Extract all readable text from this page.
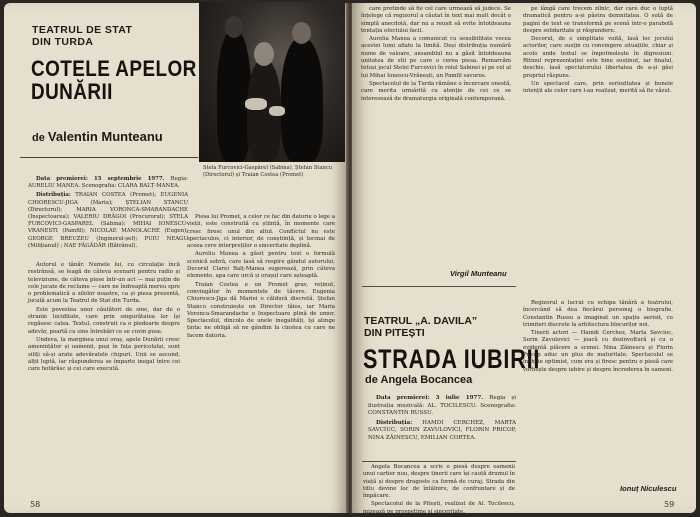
TEATRUL DE STAT
DIN TURDA
COTELE APELOR
DUNĂRII
de Valentin Munteanu
Stela Furcovici-Gaspărel (Sabina), Ștefan Stancu (Directorul) și Traian Costea (Promet)
Data premierei: 15 septembrie 1977. Regia: AURELIU MANEA. Scenografia: CLARA BALȚ-MANEA.
Distribuția: TRAIAN COSTEA (Promet); EUGENIA CHIORESCU-JIGA (Maria); ȘTELIAN STANCU (Directorul); MARIA VORONCA-SMARANDACHE (Inspectoarea); VALERIU DRĂGOI (Procurorul); STELA FURCOVICI-GASPAREL (Sabina); MIHAI IONESCU-VRANESTI (Pamfil); NICOLAE MANOLACHE (Eugen); GEORGE BREUZEU (Inginerul-șef); PUIU NEAGU (Milițianul) ; NAE FĂGĂDĂR (Bătrânul).

Autorul e tânăr. Numele lui, cu circulație încă restrânsă, se leagă de câteva scenarii pentru radio și televiziune, de câteva piese într-un act — mai puțin de cele jucate de reclame — care ne îndreaptă mereu spre o problematică a zilelor noastre, ca și piesa prezentă, jucată acum la Teatrul de Stat din Turda.

Este povestea unor căutători de sine, dar de o stranie luciditate, care prin singurătatea lor își regăsesc calea. Textul, construit ca o pledoarie despre adevăr, poartă cu sine întrebări ce se cuvin puse.

Undeva, la marginea unui oraș, apele Dunării cresc amenințător și oamenii, puși în fața pericolului, sunt siliți să-și arate adevăratele chipuri. Unii se ascund, alții luptă, iar răspunderea se împarte inegal între cei care hotărăsc și cei care execută.

Piesa lui Promet, a celor ce fac din datorie o lege a vieții, este construită cu știință, în momente care cresc firesc unul din altul. Conflictul nu este spectaculos, ci interior, de conștiință, și tocmai de aceea cere interpreților o sinceritate deplină.

Aureliu Manea a găsit pentru text o formulă scenică sobră, care lasă să respire gândul autorului. Decorul Clarei Balț-Manea sugerează, prin câteva elemente, apa care urcă și orașul care așteaptă.

Traian Costea e un Promet grav, reținut, convingător în momentele de tăcere. Eugenia Chiorescu-Jiga dă Mariei o căldură discretă. Ștefan Stancu construiește un Director tăios, iar Maria Voronca-Smarandache o Inspectoare plină de umor. Spectacolul, dincolo de unele inegalități, își atinge ținta: ne obligă să ne gândim la cinstea cu care ne facem datoria.

58

care pretinde să fie cel care urmează să judece. Se înțelege că regizorul a căutat în text mai mult decât o simplă anecdotă, dar nu a reușit să evite întotdeauna tentația efectului facil.

Aurelia Manea a comunicat cu sensibilitate vocea acestei lumi aflate la limită. Deși distribuția numără nume de valoare, ansamblul nu a găsit întotdeauna unitatea de stil pe care o cerea piesa. Remarcăm totuși jocul Stelei Furcovici în rolul Sabinei și pe cel al lui Mihai Ionescu-Vrănești, un Pamfil savuros.

Spectacolul de la Turda rămâne o încercare onestă, care merita urmărită cu atenție de cei ce se interesează de dramaturgia originală contemporană.

pe lângă care trecem zilnic, dar care duc o luptă dramatică pentru a-și păstra demnitatea. O sută de pagini de text se transformă pe scenă într-o parabolă despre solidaritate și răspundere.

Decorul, de o simplitate voită, lasă loc jocului actorilor, care susțin cu convingere situațiile, chiar și acolo unde textul se împotmolește în digresiuni. Ritmul reprezentației este bine susținut, iar finalul, deschis, lasă spectatorului libertatea de a-și găsi propriul răspuns.

Un spectacol care, prin seriozitatea și bunele intenții ale celor care l-au realizat, merită să fie văzut.

Virgil Munteanu
TEATRUL „A. DAVILA”
DIN PITEȘTI
STRADA IUBIRII
de Angela Bocancea
Data premierei: 3 iulie 1977. Regia și ilustrația muzicală: AL. TOCILESCU. Scenografia: CONSTANTIN RUSSU.
Distribuția: HAMDI CERCHEZ, MARTA SAVCIUC, SORIN ZAVULOVICI, FLORIN PRICOP, NINA ZĂINESCU, EMILIAN CORTEA.

Angela Bocancea a scris o piesă despre oamenii unui cartier nou, despre tinerii care își caută drumul în viață și despre dragoste ca formă de curaj. Strada din titlu devine loc de întâlnire, de confruntare și de împăcare.

Spectacolul de la Pitești, realizat de Al. Tocilescu, mizează pe prospețime și sinceritate.

Regizorul a lucrat cu echipa tânără a teatrului, încercând să dea fiecărui personaj o biografie. Constantin Russu a imaginat un spațiu aerisit, cu trimiteri discrete la arhitectura blocurilor noi.

Tinerii actori — Hamdi Cerchez, Marta Savciuc, Sorin Zavulovici — joacă cu dezinvoltură și cu o evidentă plăcere a scenei. Nina Zăinescu și Florin Pricop aduc un plus de maturitate. Spectacolul se încheie optimist, cum era și firesc pentru o piesă care vorbește despre iubire și despre încrederea în oameni.

Ionuț Niculescu
59
